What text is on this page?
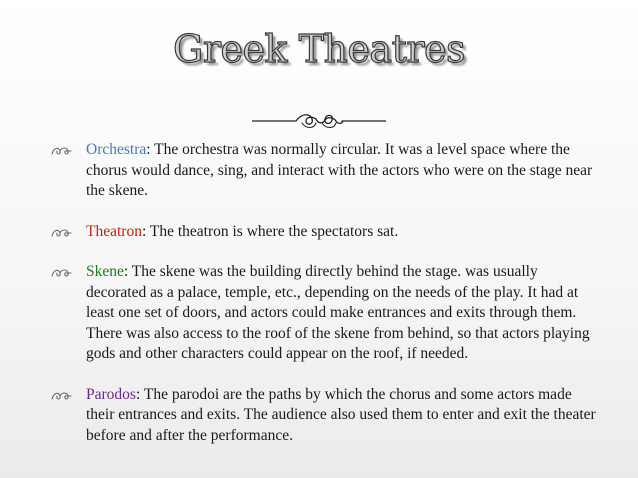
Greek Theatres
Orchestra: The orchestra was normally circular. It was a level space where the chorus would dance, sing, and interact with the actors who were on the stage near the skene.
Theatron: The theatron is where the spectators sat.
Skene: The skene was the building directly behind the stage. was usually decorated as a palace, temple, etc., depending on the needs of the play. It had at least one set of doors, and actors could make entrances and exits through them. There was also access to the roof of the skene from behind, so that actors playing gods and other characters could appear on the roof, if needed.
Parodos: The parodoi are the paths by which the chorus and some actors made their entrances and exits. The audience also used them to enter and exit the theater before and after the performance.
